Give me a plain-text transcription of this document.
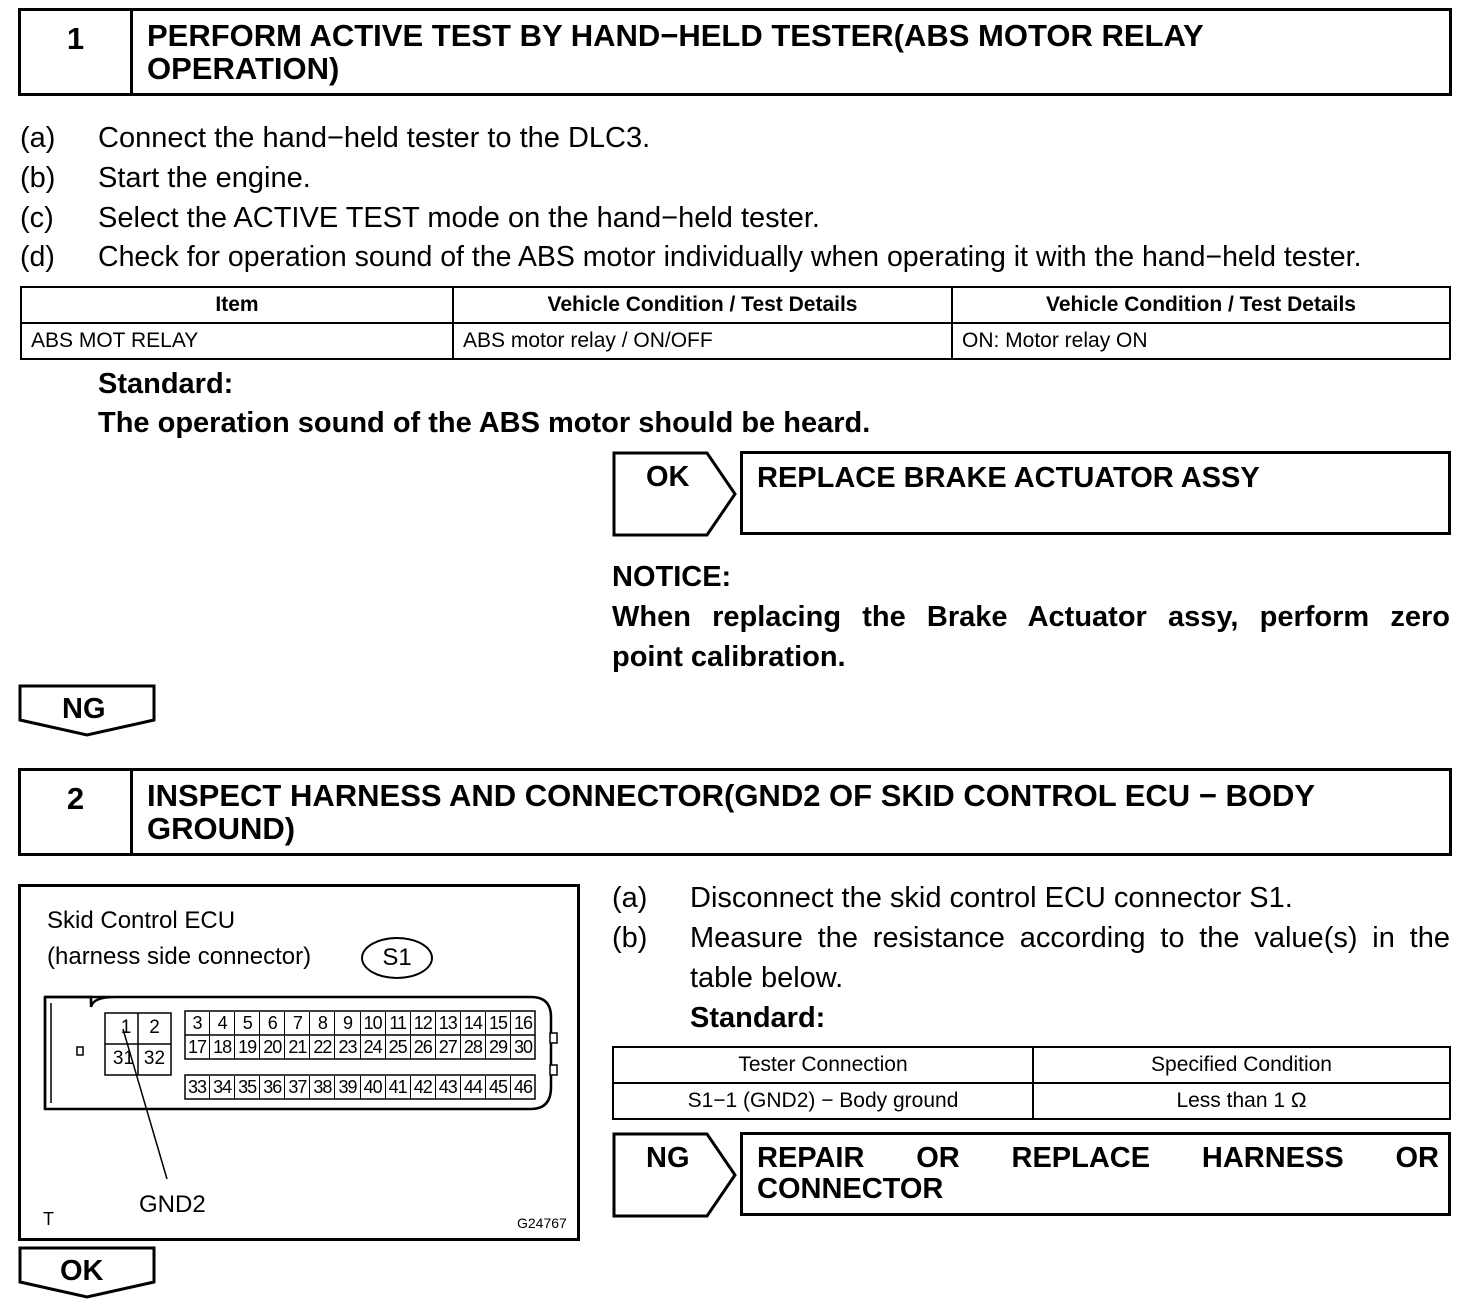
1	PERFORM ACTIVE TEST BY HAND−HELD TESTER(ABS MOTOR RELAY
OPERATION)
(a) Connect the hand−held tester to the DLC3.
(b) Start the engine.
(c) Select the ACTIVE TEST mode on the hand−held tester.
(d) Check for operation sound of the ABS motor individually when operating it with the hand−held tester.
Item	Vehicle Condition / Test Details	Vehicle Condition / Test Details
ABS MOT RELAY	ABS motor relay / ON/OFF	ON: Motor relay ON
Standard:
The operation sound of the ABS motor should be heard.
OK REPLACE BRAKE ACTUATOR ASSY
NOTICE:
When replacing the Brake Actuator assy, perform zero
point calibration.
NG
2	INSPECT HARNESS AND CONNECTOR(GND2 OF SKID CONTROL ECU − BODY
GROUND)
Skid Control ECU
(harness side connector)	S1
1 2
31 32
3 4 5 6 7 8 9 10 11 12 13 14 15 16
17 18 19 20 21 22 23 24 25 26 27 28 29 30
33 34 35 36 37 38 39 40 41 42 43 44 45 46
GND2
T	G24767
(a) Disconnect the skid control ECU connector S1.
(b)	Measure the resistance according to the value(s) in the
table below.
Standard:
Tester Connection	Specified Condition
S1−1 (GND2) − Body ground	Less than 1 Ω
NG REPAIR OR REPLACE HARNESS OR
CONNECTOR
OK
